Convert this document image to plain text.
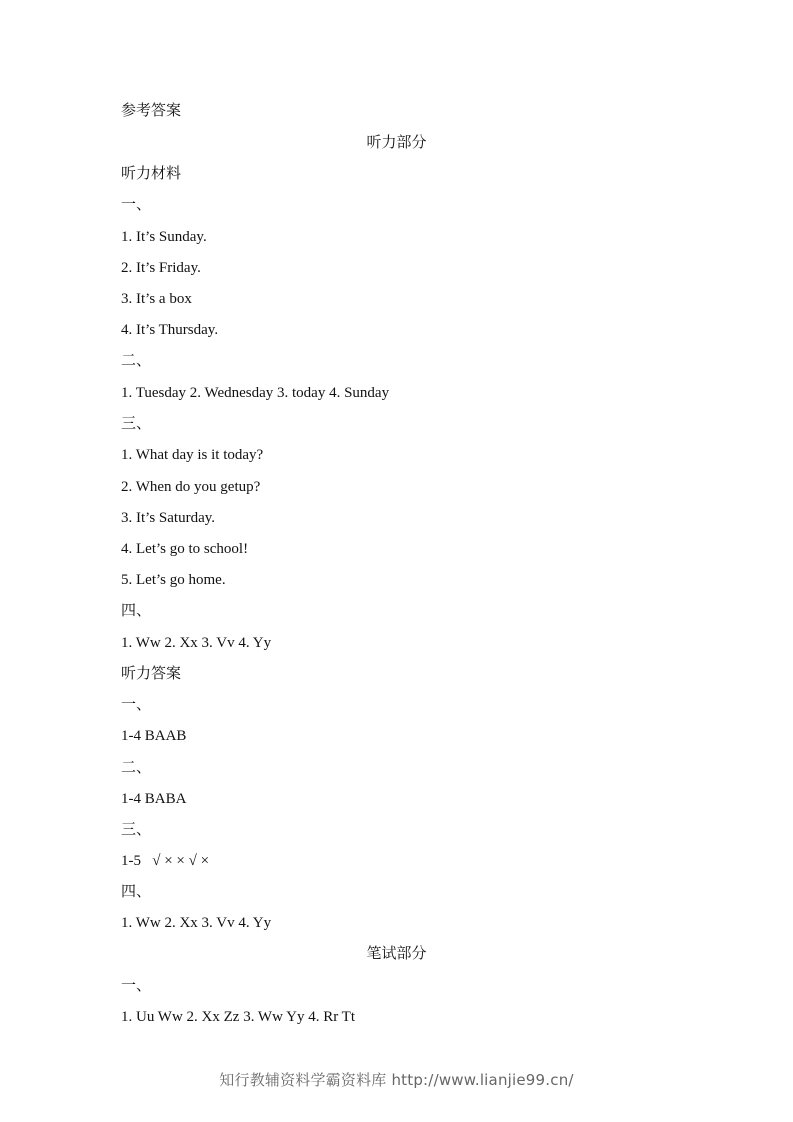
参考答案
听力部分
听力材料
一、
1. It’s Sunday.
2. It’s Friday.
3. It’s a box
4. It’s Thursday.
二、
1. Tuesday 2. Wednesday 3. today 4. Sunday
三、
1. What day is it today?
2. When do you getup?
3. It’s Saturday.
4. Let’s go to school!
5. Let’s go home.
四、
1. Ww 2. Xx 3. Vv 4. Yy
听力答案
一、
1-4 BAAB
二、
1-4 BABA
三、
1-5   √ × × √ ×
四、
1. Ww 2. Xx 3. Vv 4. Yy
笔试部分
一、
1. Uu Ww 2. Xx Zz 3. Ww Yy 4. Rr Tt
知行教辅资料学霸资料库 http://www.lianjie99.cn/
